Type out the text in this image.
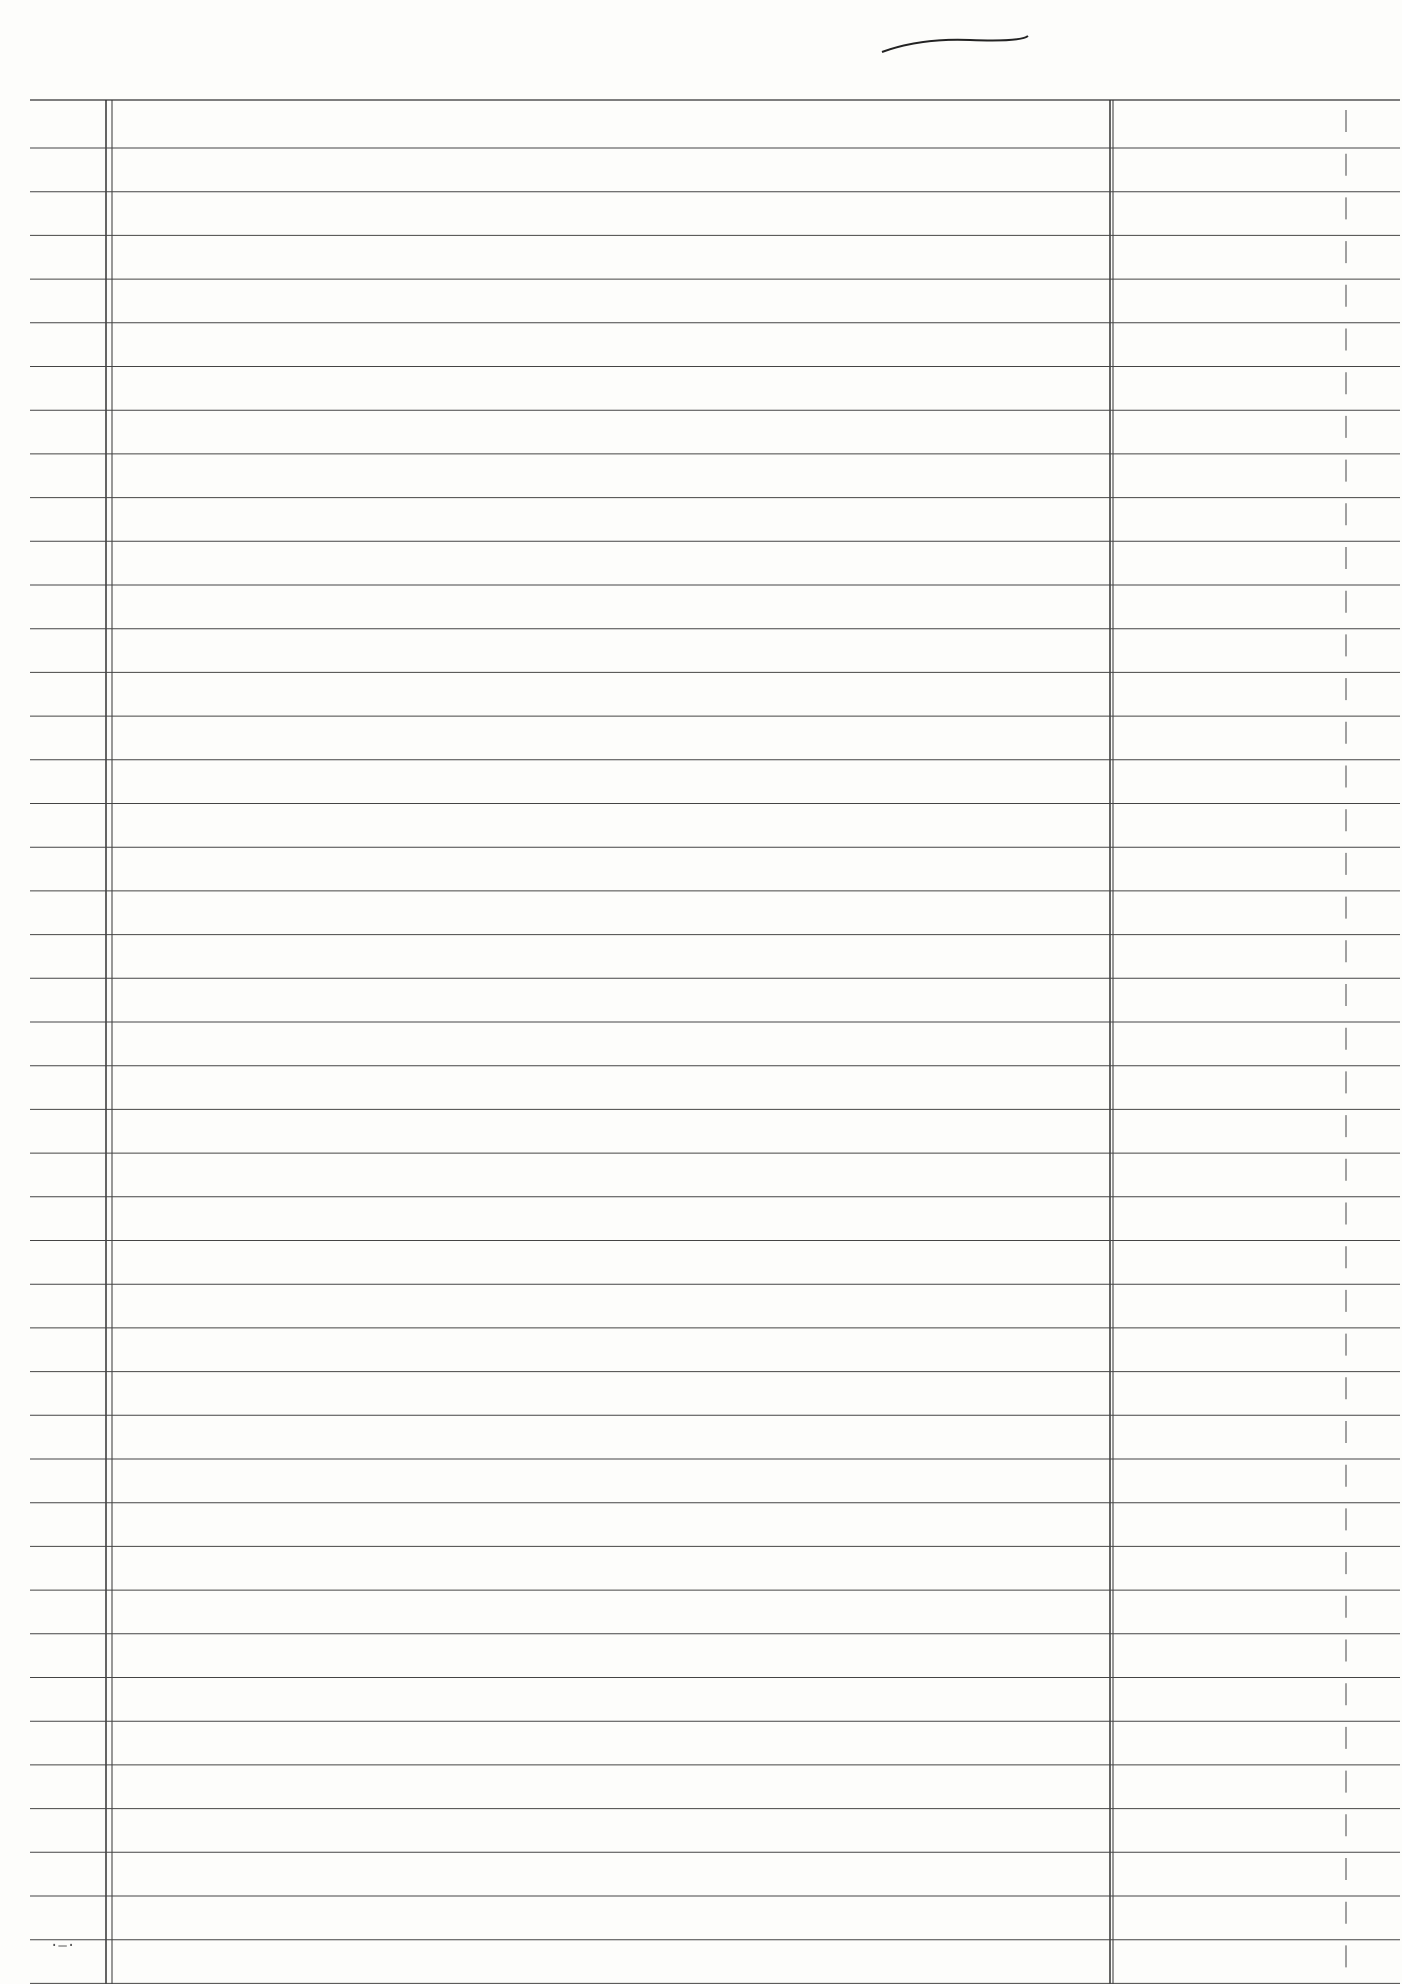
·—·
